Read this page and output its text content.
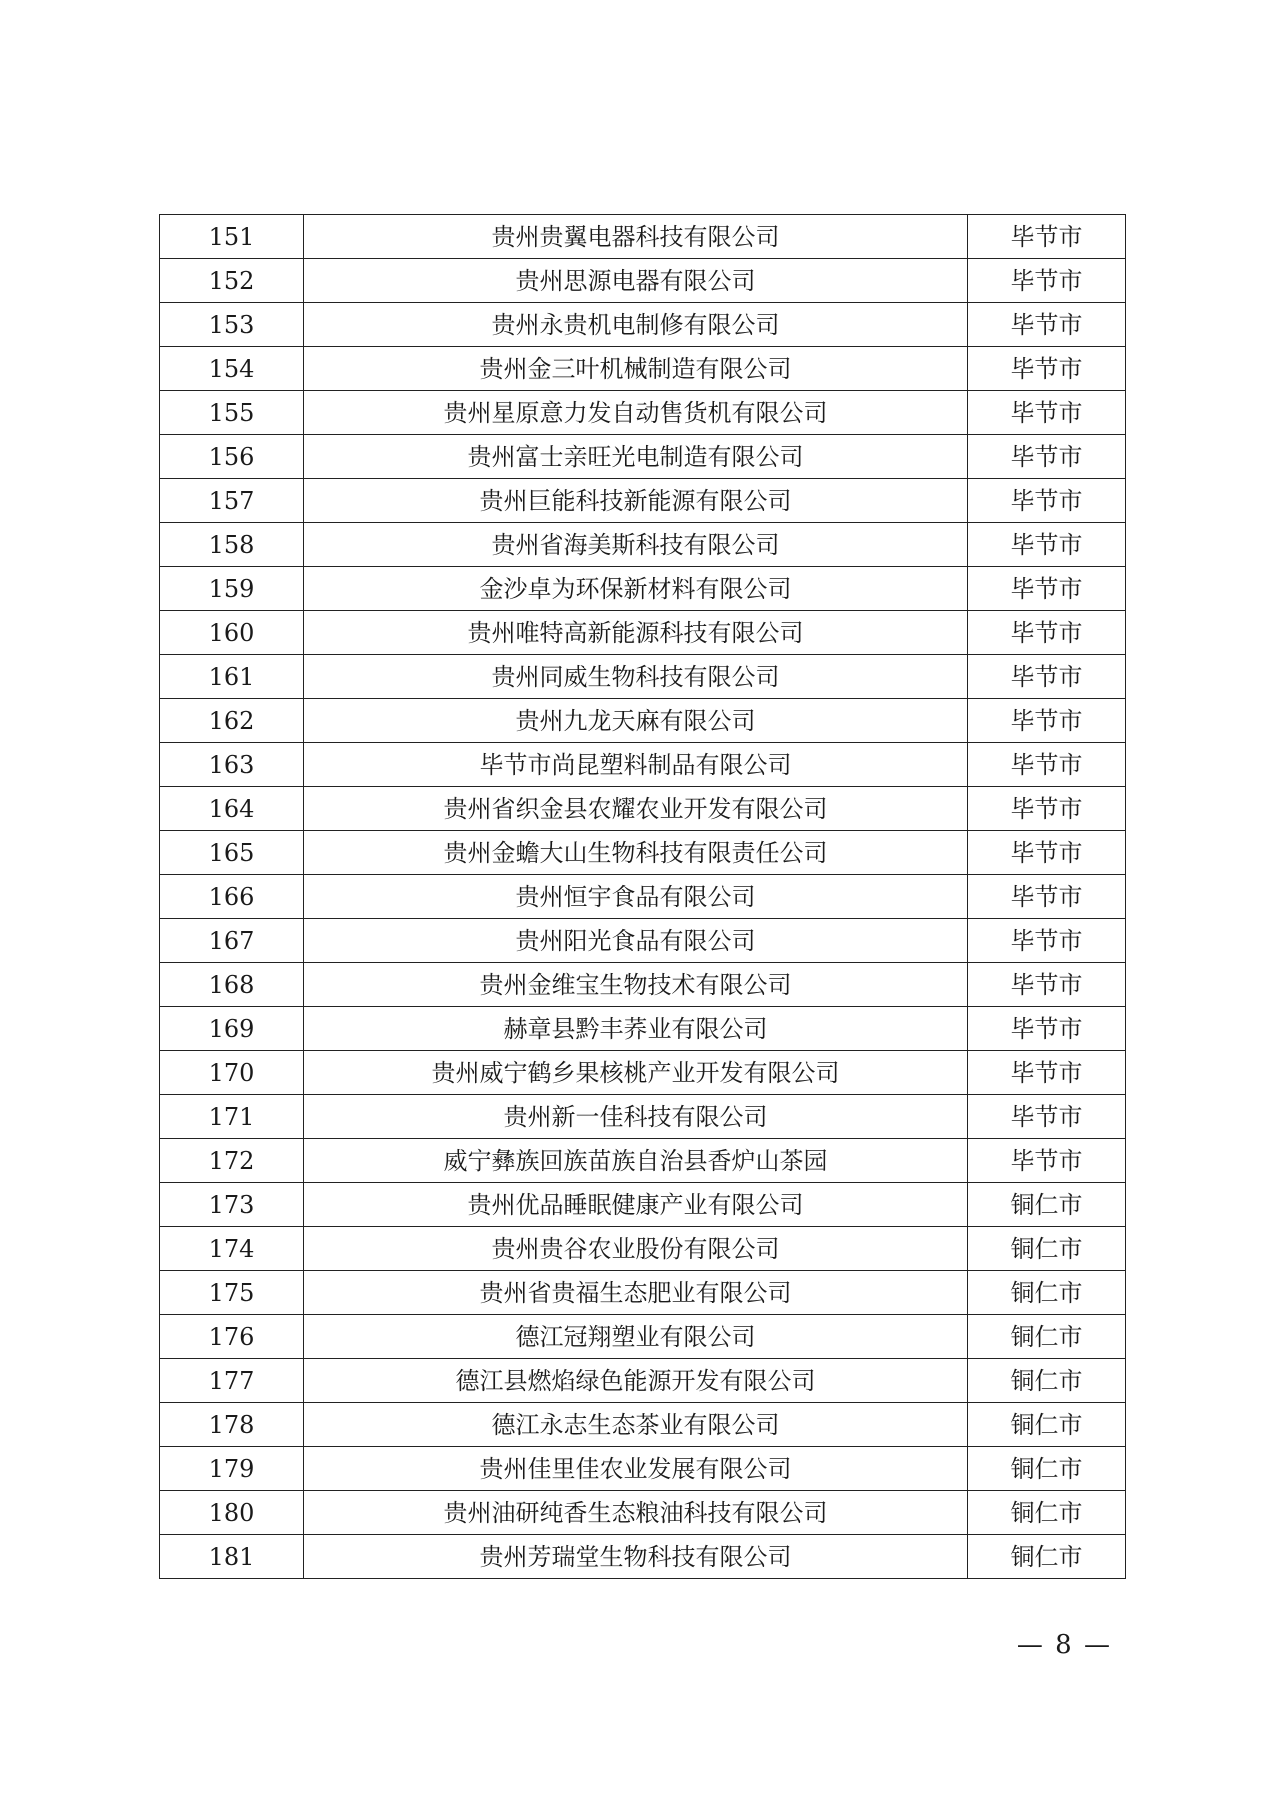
151	贵州贵翼电器科技有限公司	毕节市
152	贵州思源电器有限公司	毕节市
153	贵州永贵机电制修有限公司	毕节市
154	贵州金三叶机械制造有限公司	毕节市
155	贵州星原意力发自动售货机有限公司	毕节市
156	贵州富士亲旺光电制造有限公司	毕节市
157	贵州巨能科技新能源有限公司	毕节市
158	贵州省海美斯科技有限公司	毕节市
159	金沙卓为环保新材料有限公司	毕节市
160	贵州唯特高新能源科技有限公司	毕节市
161	贵州同威生物科技有限公司	毕节市
162	贵州九龙天麻有限公司	毕节市
163	毕节市尚昆塑料制品有限公司	毕节市
164	贵州省织金县农耀农业开发有限公司	毕节市
165	贵州金蟾大山生物科技有限责任公司	毕节市
166	贵州恒宇食品有限公司	毕节市
167	贵州阳光食品有限公司	毕节市
168	贵州金维宝生物技术有限公司	毕节市
169	赫章县黔丰荞业有限公司	毕节市
170	贵州威宁鹤乡果核桃产业开发有限公司	毕节市
171	贵州新一佳科技有限公司	毕节市
172	威宁彝族回族苗族自治县香炉山茶园	毕节市
173	贵州优品睡眠健康产业有限公司	铜仁市
174	贵州贵谷农业股份有限公司	铜仁市
175	贵州省贵福生态肥业有限公司	铜仁市
176	德江冠翔塑业有限公司	铜仁市
177	德江县燃焰绿色能源开发有限公司	铜仁市
178	德江永志生态茶业有限公司	铜仁市
179	贵州佳里佳农业发展有限公司	铜仁市
180	贵州油研纯香生态粮油科技有限公司	铜仁市
181	贵州芳瑞堂生物科技有限公司	铜仁市
— 8 —
